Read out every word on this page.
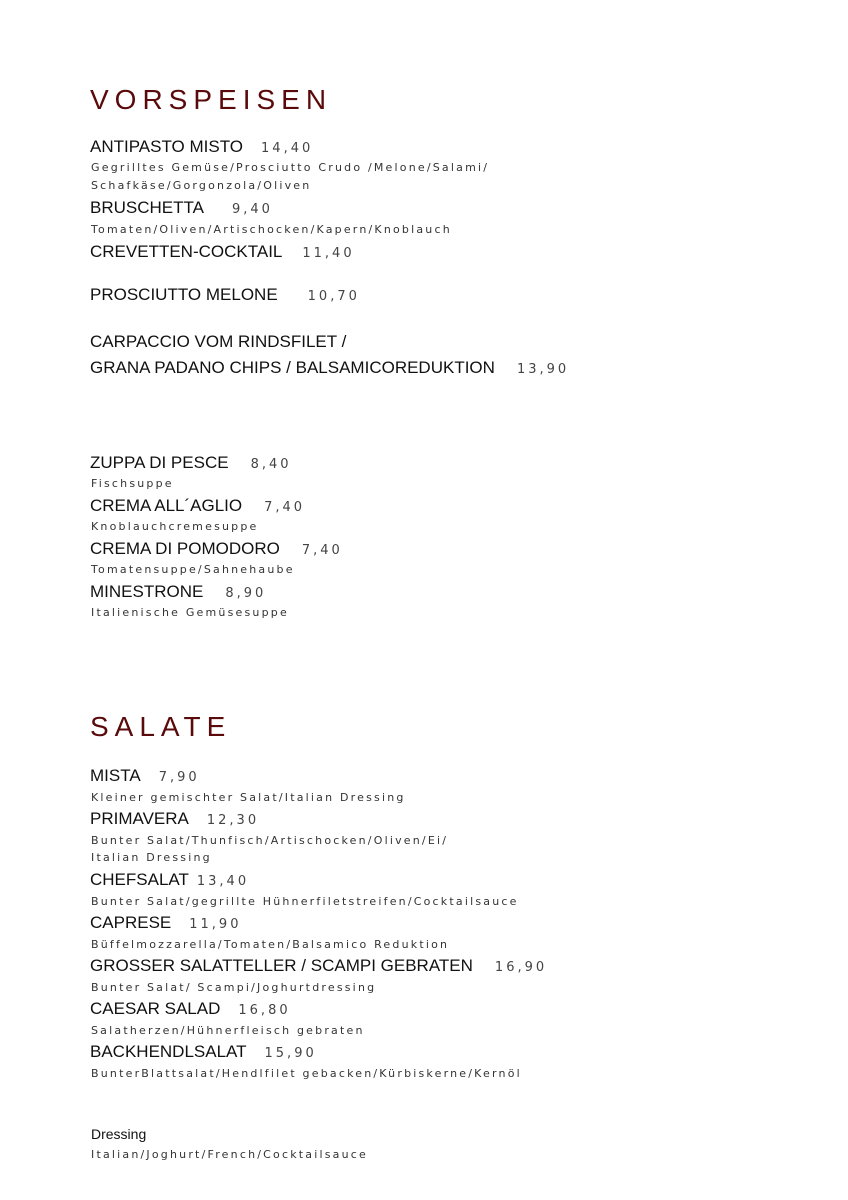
VORSPEISEN
ANTIPASTO MISTO 14,40
Gegrilltes Gemüse/Prosciutto Crudo /Melone/Salami/
Schafkäse/Gorgonzola/Oliven
BRUSCHETTA 9,40
Tomaten/Oliven/Artischocken/Kapern/Knoblauch
CREVETTEN-COCKTAIL 11,40
PROSCIUTTO MELONE 10,70
CARPACCIO VOM RINDSFILET /
GRANA PADANO CHIPS / BALSAMICOREDUKTION 13,90
ZUPPA DI PESCE 8,40
Fischsuppe
CREMA ALL´AGLIO 7,40
Knoblauchcremesuppe
CREMA DI POMODORO 7,40
Tomatensuppe/Sahnehaube
MINESTRONE 8,90
Italienische Gemüsesuppe
SALATE
MISTA 7,90
Kleiner gemischter Salat/Italian Dressing
PRIMAVERA 12,30
Bunter Salat/Thunfisch/Artischocken/Oliven/Ei/
Italian Dressing
CHEFSALAT 13,40
Bunter Salat/gegrillte Hühnerfiletstreifen/Cocktailsauce
CAPRESE 11,90
Büffelmozzarella/Tomaten/Balsamico Reduktion
GROSSER SALATTELLER / SCAMPI GEBRATEN 16,90
Bunter Salat/ Scampi/Joghurtdressing
CAESAR SALAD 16,80
Salatherzen/Hühnerfleisch gebraten
BACKHENDLSALAT 15,90
BunterBlattsalat/Hendlfilet gebacken/Kürbiskerne/Kernöl
Dressing
Italian/Joghurt/French/Cocktailsauce
